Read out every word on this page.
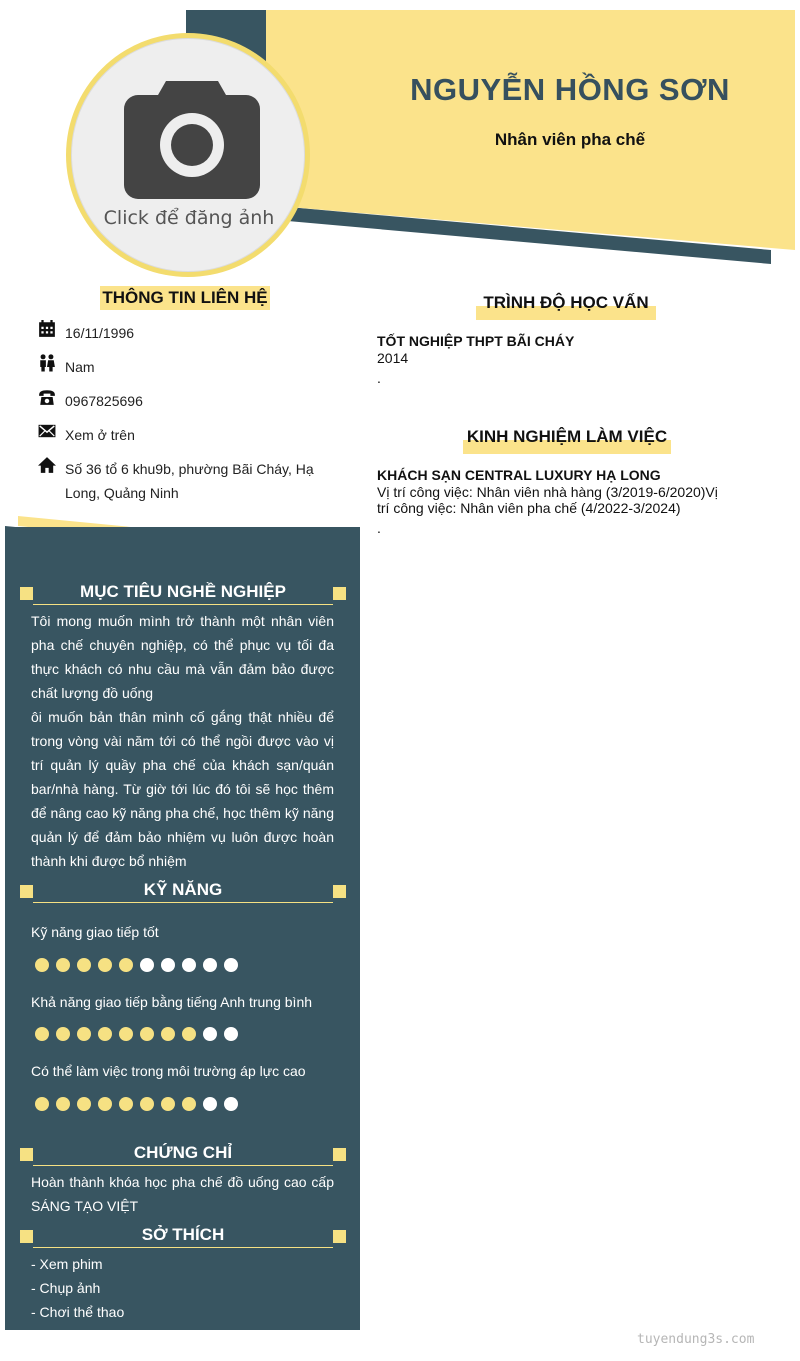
Click để đăng ảnh
NGUYỄN HỒNG SƠN
Nhân viên pha chế
THÔNG TIN LIÊN HỆ
16/11/1996
Nam
0967825696
Xem ở trên
Số 36 tổ 6 khu9b, phường Bãi Cháy, Hạ Long, Quảng Ninh
TRÌNH ĐỘ HỌC VẤN
TỐT NGHIỆP THPT BÃI CHÁY
2014
.
KINH NGHIỆM LÀM VIỆC
KHÁCH SẠN CENTRAL LUXURY HẠ LONG
Vị trí công việc: Nhân viên nhà hàng (3/2019-6/2020)Vị trí công việc: Nhân viên pha chế (4/2022-3/2024)
.
MỤC TIÊU NGHỀ NGHIỆP
Tôi mong muốn mình trở thành một nhân viên pha chế chuyên nghiệp, có thể phục vụ tối đa thực khách có nhu cầu mà vẫn đảm bảo được chất lượng đồ uống
ôi muốn bản thân mình cố gắng thật nhiều để trong vòng vài năm tới có thể ngồi được vào vị trí quản lý quầy pha chế của khách sạn/quán bar/nhà hàng. Từ giờ tới lúc đó tôi sẽ học thêm để nâng cao kỹ năng pha chế, học thêm kỹ năng quản lý để đảm bảo nhiệm vụ luôn được hoàn thành khi được bổ nhiệm
KỸ NĂNG
Kỹ năng giao tiếp tốt
Khả năng giao tiếp bằng tiếng Anh trung bình
Có thể làm việc trong môi trường áp lực cao
CHỨNG CHỈ
Hoàn thành khóa học pha chế đồ uống cao cấp SÁNG TẠO VIỆT
SỞ THÍCH
- Xem phim
- Chụp ảnh
- Chơi thể thao
tuyendung3s.com
